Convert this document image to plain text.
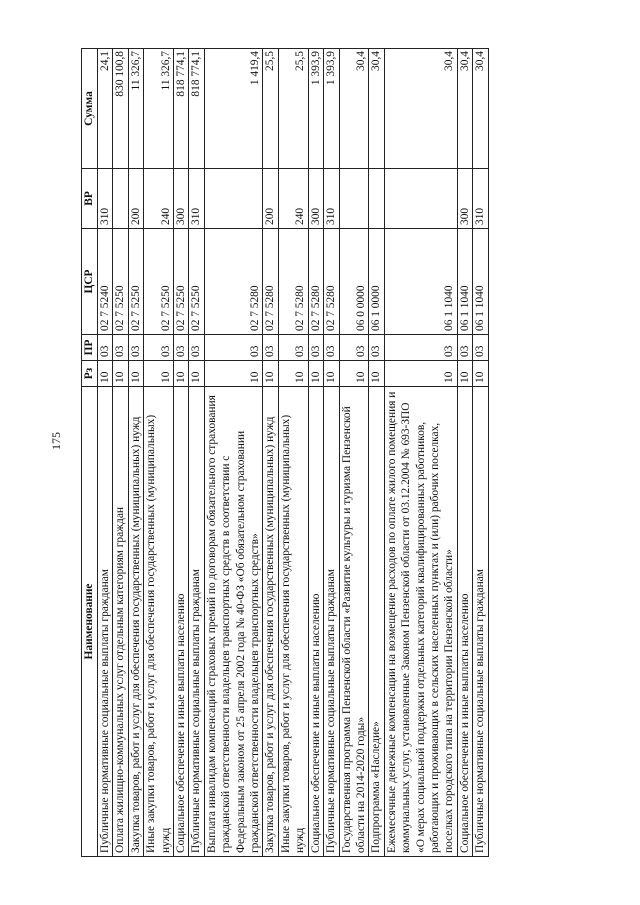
175
Наименование	Рз	ПР	ЦСР	ВР	Сумма
Публичные нормативные социальные выплаты гражданам	10	03	02 7 5240	310	24,1
Оплата жилищно-коммунальных услуг отдельным категориям граждан	10	03	02 7 5250		830 100,8
Закупка товаров, работ и услуг для обеспечения государственных (муниципальных) нужд	10	03	02 7 5250	200	11 326,7
Иные закупки товаров, работ и услуг для обеспечения государственных (муниципальных) нужд	10	03	02 7 5250	240	11 326,7
Социальное обеспечение и иные выплаты населению	10	03	02 7 5250	300	818 774,1
Публичные нормативные социальные выплаты гражданам	10	03	02 7 5250	310	818 774,1
Выплата инвалидам компенсаций страховых премий по договорам обязательного страхования гражданской ответственности владельцев транспортных средств в соответствии с Федеральным законом от 25 апреля 2002 года № 40-ФЗ «Об обязательном страховании гражданской ответственности владельцев транспортных средств»	10	03	02 7 5280		1 419,4
Закупка товаров, работ и услуг для обеспечения государственных (муниципальных) нужд	10	03	02 7 5280	200	25,5
Иные закупки товаров, работ и услуг для обеспечения государственных (муниципальных) нужд	10	03	02 7 5280	240	25,5
Социальное обеспечение и иные выплаты населению	10	03	02 7 5280	300	1 393,9
Публичные нормативные социальные выплаты гражданам	10	03	02 7 5280	310	1 393,9
Государственная программа Пензенской области «Развитие культуры и туризма Пензенской области на 2014-2020 годы»	10	03	06 0 0000		30,4
Подпрограмма «Наследие»	10	03	06 1 0000		30,4
Ежемесячные денежные компенсации на возмещение расходов по оплате жилого помещения и коммунальных услуг, установленные Законом Пензенской области от 03.12.2004 № 693-ЗПО «О мерах социальной поддержки отдельных категорий квалифицированных работников, работающих и проживающих в сельских населенных пунктах и (или) рабочих поселках, поселках городского типа на территории Пензенской области»	10	03	06 1 1040		30,4
Социальное обеспечение и иные выплаты населению	10	03	06 1 1040	300	30,4
Публичные нормативные социальные выплаты гражданам	10	03	06 1 1040	310	30,4
